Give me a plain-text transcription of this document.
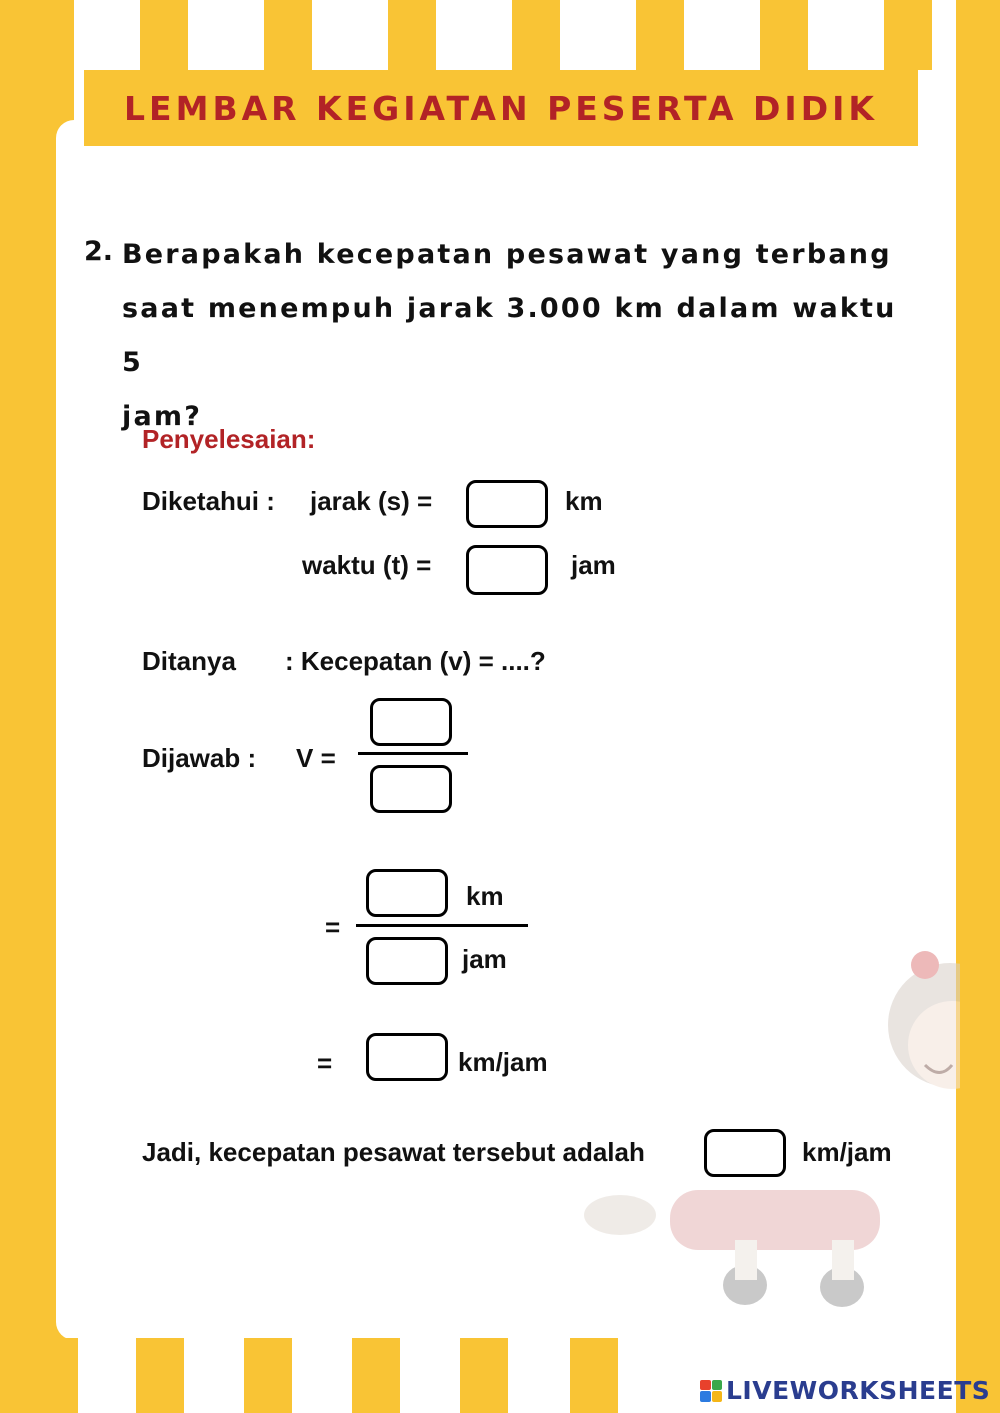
LEMBAR KEGIATAN PESERTA DIDIK
2. Berapakah kecepatan pesawat yang terbang
saat menempuh jarak 3.000 km dalam waktu 5
jam?
Penyelesaian:
Diketahui : jarak (s) =	km
waktu (t) =	jam
Ditanya : Kecepatan (v) = ....?
Dijawab : V =
=
km
jam
=	km/jam
Jadi, kecepatan pesawat tersebut adalah	km/jam
LIVEWORKSHEETS
